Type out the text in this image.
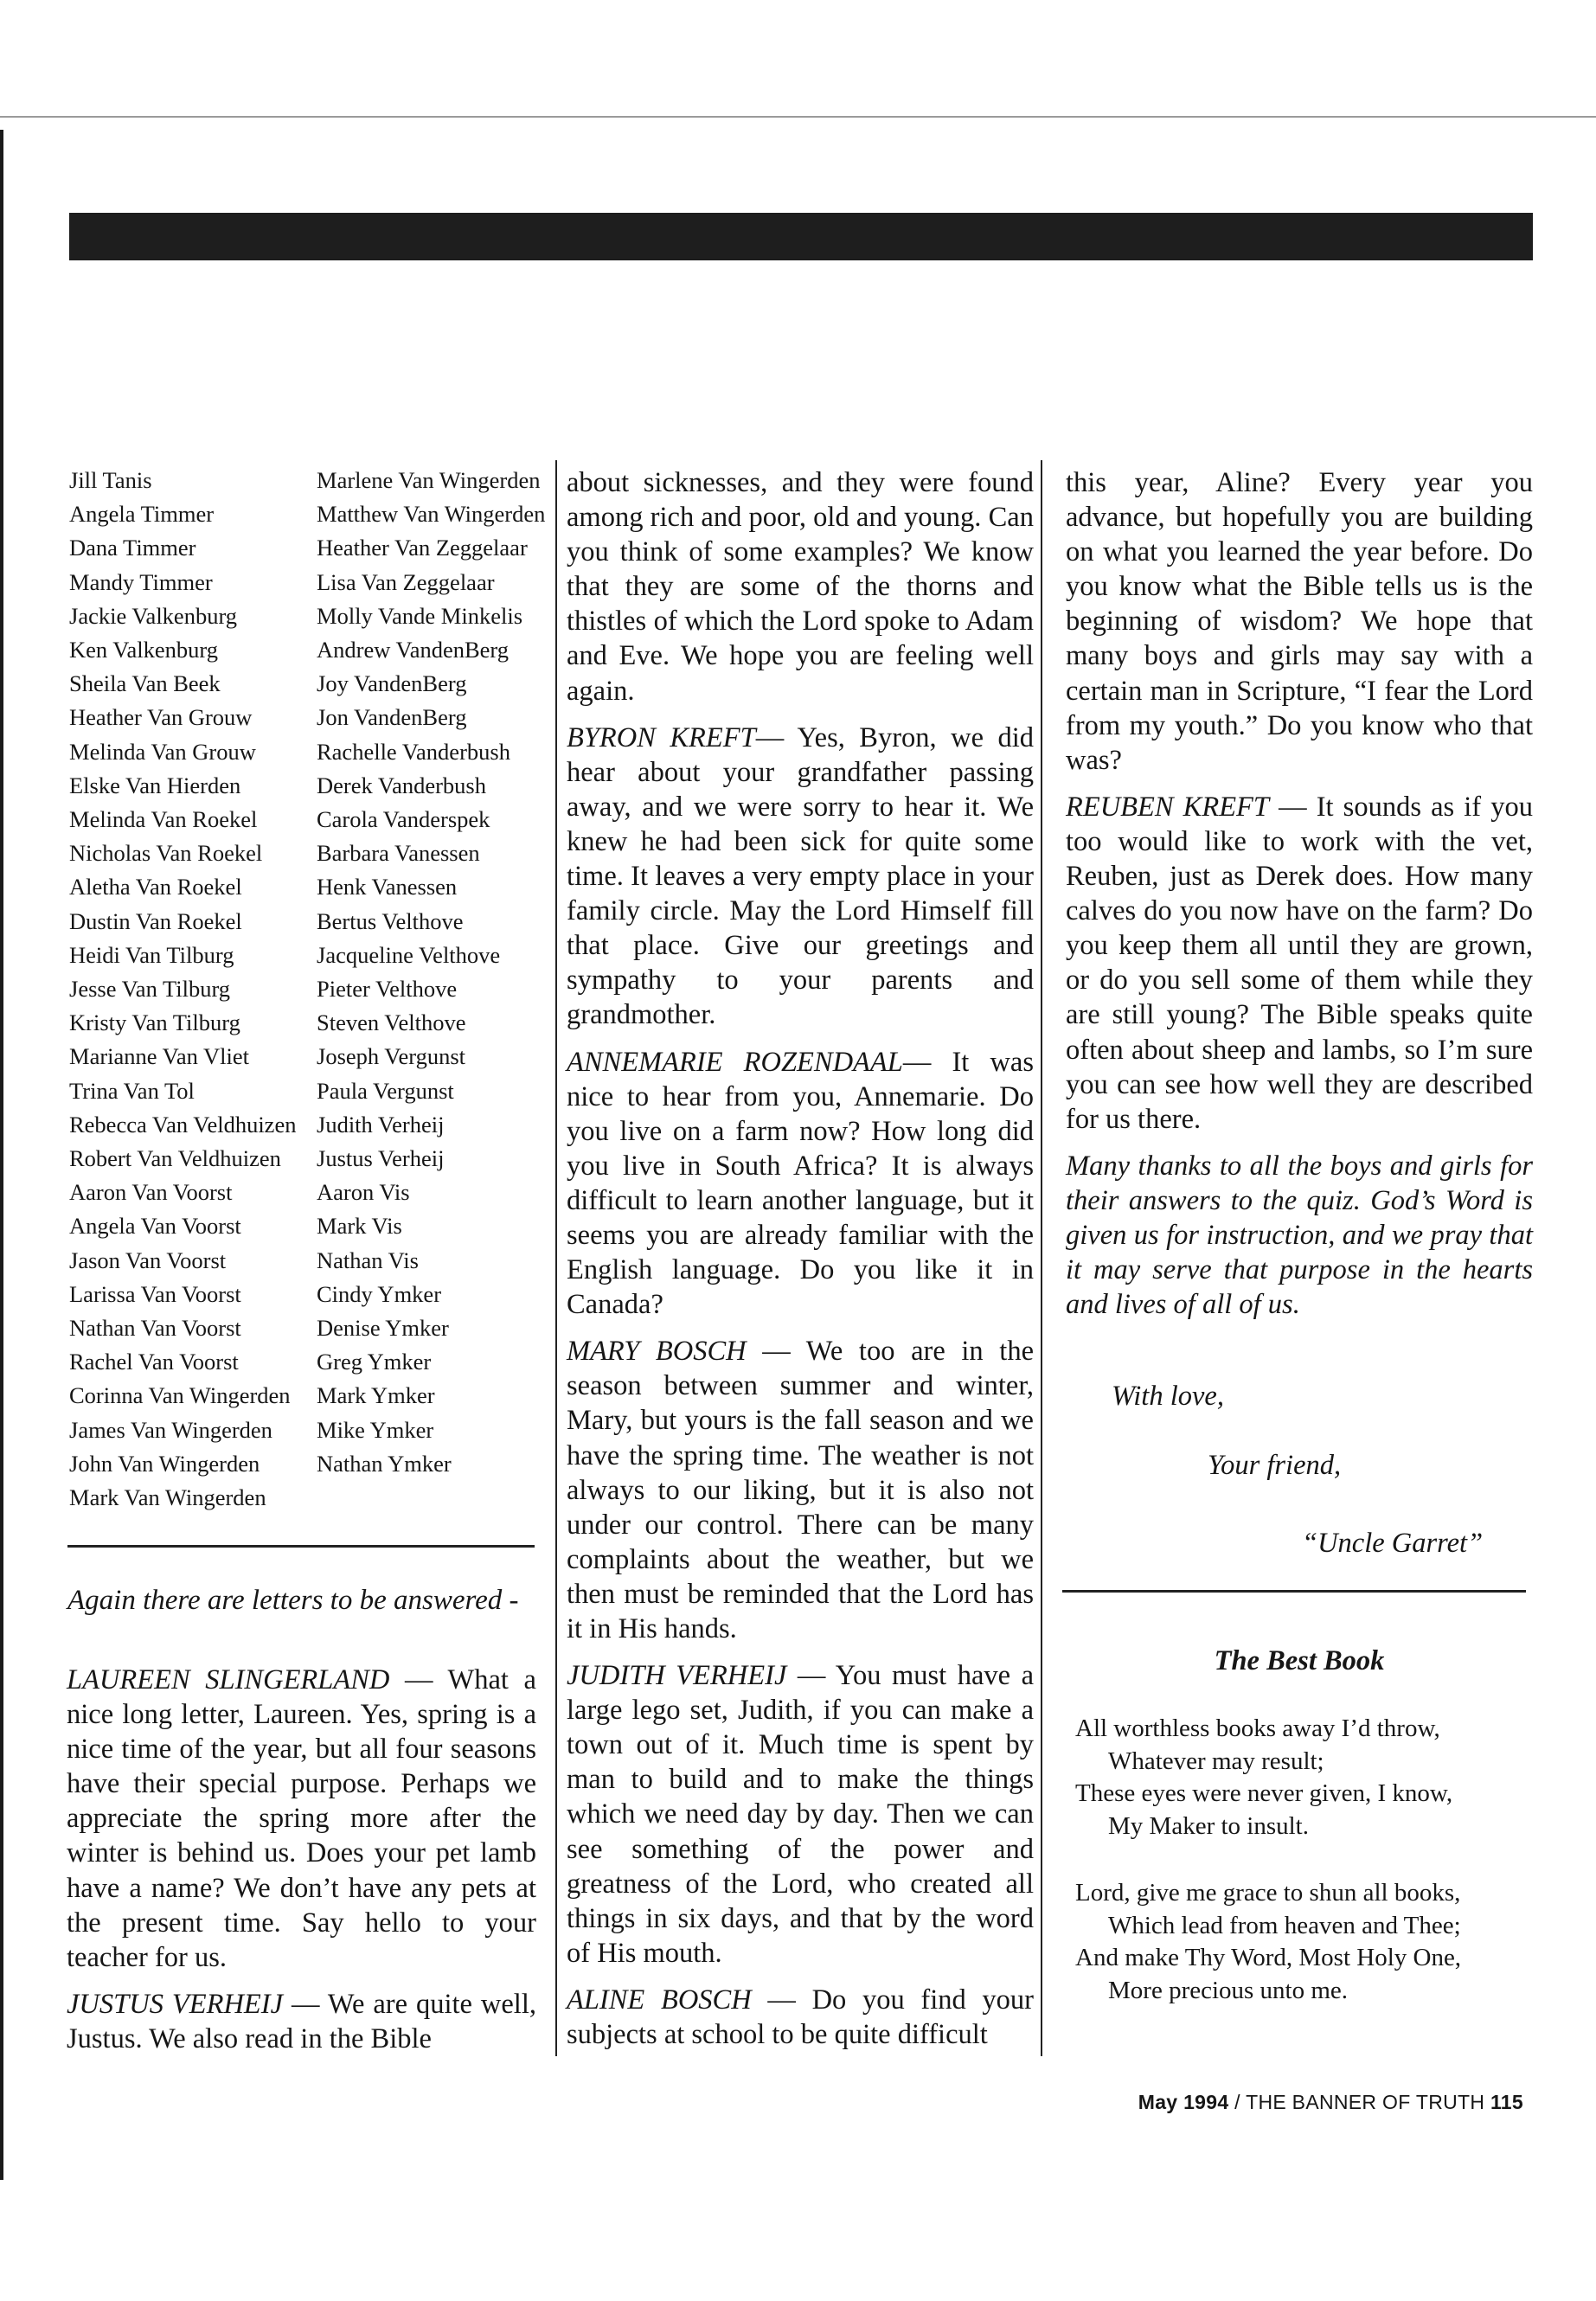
Jill Tanis
Angela Timmer
Dana Timmer
Mandy Timmer
Jackie Valkenburg
Ken Valkenburg
Sheila Van Beek
Heather Van Grouw
Melinda Van Grouw
Elske Van Hierden
Melinda Van Roekel
Nicholas Van Roekel
Aletha Van Roekel
Dustin Van Roekel
Heidi Van Tilburg
Jesse Van Tilburg
Kristy Van Tilburg
Marianne Van Vliet
Trina Van Tol
Rebecca Van Veldhuizen
Robert Van Veldhuizen
Aaron Van Voorst
Angela Van Voorst
Jason Van Voorst
Larissa Van Voorst
Nathan Van Voorst
Rachel Van Voorst
Corinna Van Wingerden
James Van Wingerden
John Van Wingerden
Mark Van Wingerden
Marlene Van Wingerden
Matthew Van Wingerden
Heather Van Zeggelaar
Lisa Van Zeggelaar
Molly Vande Minkelis
Andrew VandenBerg
Joy VandenBerg
Jon VandenBerg
Rachelle Vanderbush
Derek Vanderbush
Carola Vanderspek
Barbara Vanessen
Henk Vanessen
Bertus Velthove
Jacqueline Velthove
Pieter Velthove
Steven Velthove
Joseph Vergunst
Paula Vergunst
Judith Verheij
Justus Verheij
Aaron Vis
Mark Vis
Nathan Vis
Cindy Ymker
Denise Ymker
Greg Ymker
Mark Ymker
Mike Ymker
Nathan Ymker
Again there are letters to be answered -

LAUREEN SLINGERLAND — What a nice long letter, Laureen. Yes, spring is a nice time of the year, but all four seasons have their special purpose. Perhaps we appreciate the spring more after the winter is behind us. Does your pet lamb have a name? We don’t have any pets at the present time. Say hello to your teacher for us.

JUSTUS VERHEIJ — We are quite well, Justus. We also read in the Bible

about sicknesses, and they were found among rich and poor, old and young. Can you think of some examples? We know that they are some of the thorns and thistles of which the Lord spoke to Adam and Eve. We hope you are feeling well again.

BYRON KREFT— Yes, Byron, we did hear about your grandfather passing away, and we were sorry to hear it. We knew he had been sick for quite some time. It leaves a very empty place in your family circle. May the Lord Himself fill that place. Give our greetings and sympathy to your parents and grandmother.

ANNEMARIE ROZENDAAL— It was nice to hear from you, Annemarie. Do you live on a farm now? How long did you live in South Africa? It is always difficult to learn another language, but it seems you are already familiar with the English language. Do you like it in Canada?

MARY BOSCH — We too are in the season between summer and winter, Mary, but yours is the fall season and we have the spring time. The weather is not always to our liking, but it is also not under our control. There can be many complaints about the weather, but we then must be reminded that the Lord has it in His hands.

JUDITH VERHEIJ — You must have a large lego set, Judith, if you can make a town out of it. Much time is spent by man to build and to make the things which we need day by day. Then we can see something of the power and greatness of the Lord, who created all things in six days, and that by the word of His mouth.

ALINE BOSCH — Do you find your subjects at school to be quite difficult

this year, Aline? Every year you advance, but hopefully you are building on what you learned the year before. Do you know what the Bible tells us is the beginning of wisdom? We hope that many boys and girls may say with a certain man in Scripture, “I fear the Lord from my youth.” Do you know who that was?

REUBEN KREFT — It sounds as if you too would like to work with the vet, Reuben, just as Derek does. How many calves do you now have on the farm? Do you keep them all until they are grown, or do you sell some of them while they are still young? The Bible speaks quite often about sheep and lambs, so I’m sure you can see how well they are described for us there.

Many thanks to all the boys and girls for their answers to the quiz. God’s Word is given us for instruction, and we pray that it may serve that purpose in the hearts and lives of all of us.

With love,
Your friend,
“Uncle Garret”
The Best Book
All worthless books away I’d throw,
Whatever may result;
These eyes were never given, I know,
My Maker to insult.
Lord, give me grace to shun all books,
Which lead from heaven and Thee;
And make Thy Word, Most Holy One,
More precious unto me.
May 1994 / THE BANNER OF TRUTH 115
